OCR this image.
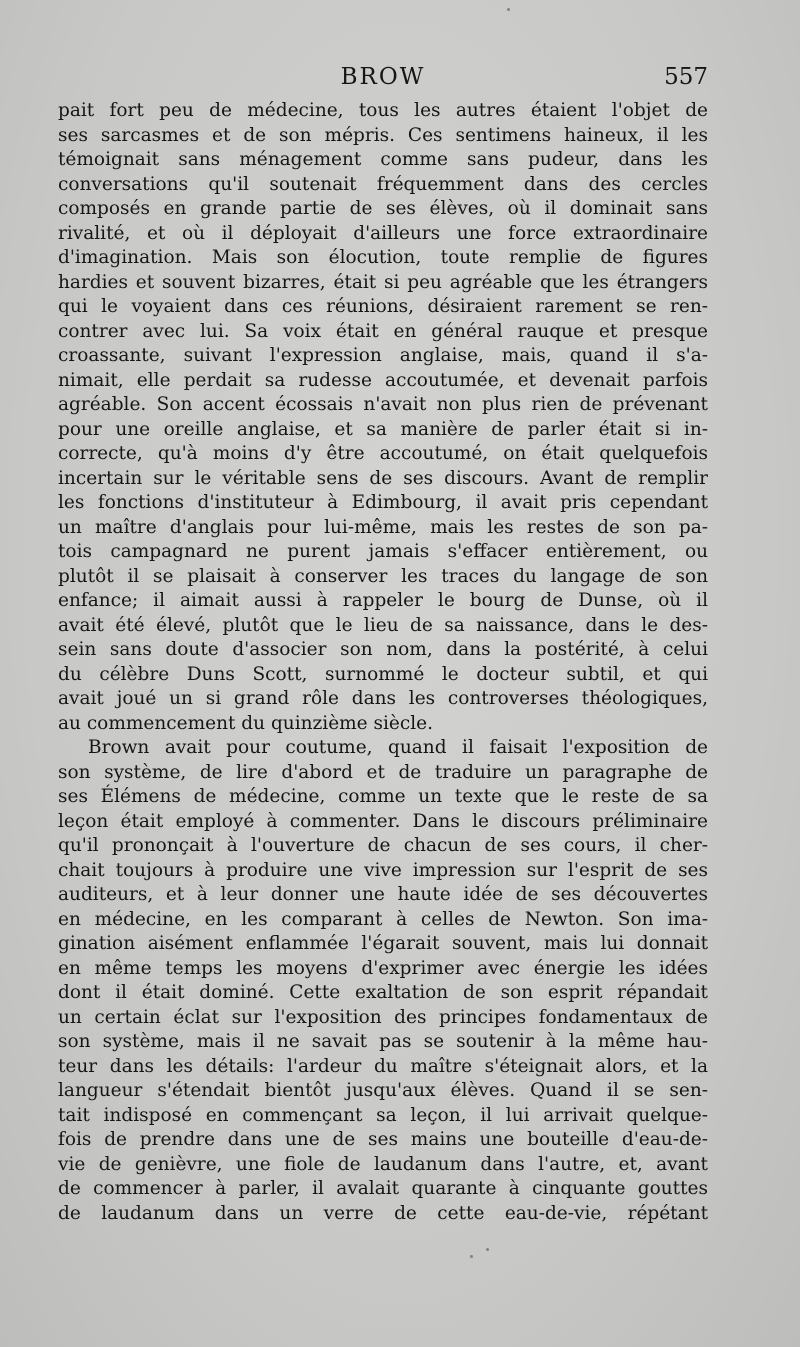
BROW	557
pait fort peu de médecine, tous les autres étaient l'objet de
ses sarcasmes et de son mépris. Ces sentimens haineux, il les
témoignait sans ménagement comme sans pudeur, dans les
conversations qu'il soutenait fréquemment dans des cercles
composés en grande partie de ses élèves, où il dominait sans
rivalité, et où il déployait d'ailleurs une force extraordinaire
d'imagination. Mais son élocution, toute remplie de figures
hardies et souvent bizarres, était si peu agréable que les étrangers
qui le voyaient dans ces réunions, désiraient rarement se ren-
contrer avec lui. Sa voix était en général rauque et presque
croassante, suivant l'expression anglaise, mais, quand il s'a-
nimait, elle perdait sa rudesse accoutumée, et devenait parfois
agréable. Son accent écossais n'avait non plus rien de prévenant
pour une oreille anglaise, et sa manière de parler était si in-
correcte, qu'à moins d'y être accoutumé, on était quelquefois
incertain sur le véritable sens de ses discours. Avant de remplir
les fonctions d'instituteur à Edimbourg, il avait pris cependant
un maître d'anglais pour lui-même, mais les restes de son pa-
tois campagnard ne purent jamais s'effacer entièrement, ou
plutôt il se plaisait à conserver les traces du langage de son
enfance; il aimait aussi à rappeler le bourg de Dunse, où il
avait été élevé, plutôt que le lieu de sa naissance, dans le des-
sein sans doute d'associer son nom, dans la postérité, à celui
du célèbre Duns Scott, surnommé le docteur subtil, et qui
avait joué un si grand rôle dans les controverses théologiques,
au commencement du quinzième siècle.
Brown avait pour coutume, quand il faisait l'exposition de
son système, de lire d'abord et de traduire un paragraphe de
ses Élémens de médecine, comme un texte que le reste de sa
leçon était employé à commenter. Dans le discours préliminaire
qu'il prononçait à l'ouverture de chacun de ses cours, il cher-
chait toujours à produire une vive impression sur l'esprit de ses
auditeurs, et à leur donner une haute idée de ses découvertes
en médecine, en les comparant à celles de Newton. Son ima-
gination aisément enflammée l'égarait souvent, mais lui donnait
en même temps les moyens d'exprimer avec énergie les idées
dont il était dominé. Cette exaltation de son esprit répandait
un certain éclat sur l'exposition des principes fondamentaux de
son système, mais il ne savait pas se soutenir à la même hau-
teur dans les détails: l'ardeur du maître s'éteignait alors, et la
langueur s'étendait bientôt jusqu'aux élèves. Quand il se sen-
tait indisposé en commençant sa leçon, il lui arrivait quelque-
fois de prendre dans une de ses mains une bouteille d'eau-de-
vie de genièvre, une fiole de laudanum dans l'autre, et, avant
de commencer à parler, il avalait quarante à cinquante gouttes
de laudanum dans un verre de cette eau-de-vie, répétant
